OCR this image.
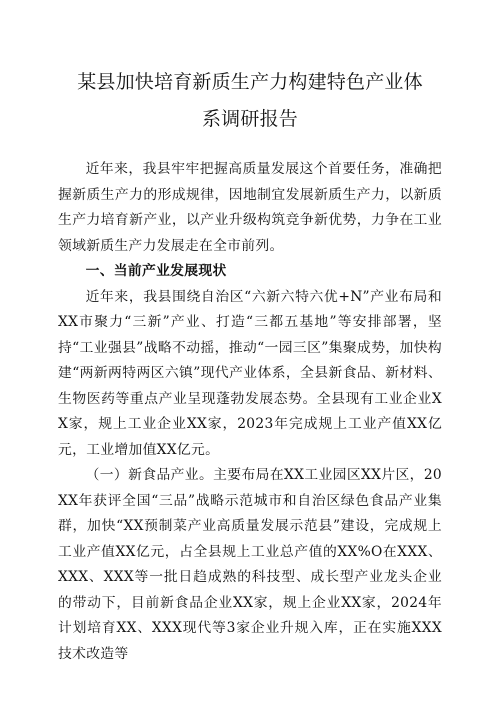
某县加快培育新质生产力构建特色产业体
系调研报告

近年来，我县牢牢把握高质量发展这个首要任务，准确把握新质生产力的形成规律，因地制宜发展新质生产力，以新质生产力培育新产业，以产业升级构筑竞争新优势，力争在工业领域新质生产力发展走在全市前列。

一、当前产业发展现状

近年来，我县围绕自治区“六新六特六优+N”产业布局和XX市聚力“三新”产业、打造“三都五基地”等安排部署，坚持“工业强县”战略不动摇，推动“一园三区”集聚成势，加快构建“两新两特两区六镇”现代产业体系，全县新食品、新材料、生物医药等重点产业呈现蓬勃发展态势。全县现有工业企业XX家，规上工业企业XX家，2023年完成规上工业产值XX亿元，工业增加值XX亿元。

（一）新食品产业。主要布局在XX工业园区XX片区，20XX年获评全国“三品”战略示范城市和自治区绿色食品产业集群，加快“XX预制菜产业高质量发展示范县”建设，完成规上工业产值XX亿元，占全县规上工业总产值的XX%O在XXX、XXX、XXX等一批日趋成熟的科技型、成长型产业龙头企业的带动下，目前新食品企业XX家，规上企业XX家，2024年计划培育XX、XXX现代等3家企业升规入库，正在实施XXX技术改造等
